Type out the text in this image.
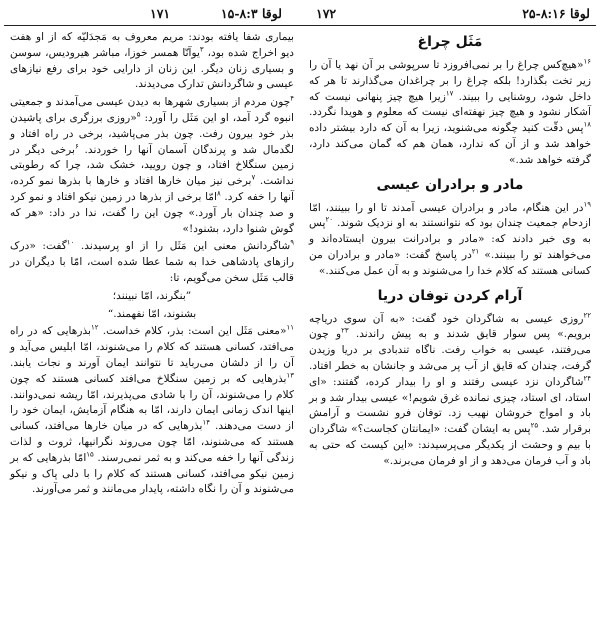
لوقا ۸:۱۶-۲۵
۱۷۲
لوقا ۸:۳-۱۵
۱۷۱
مَثَل چراغ

$^{۱۶}$«هیچ‌کس چراغ را بر نمی‌افروزد تا سرپوشی بر آن نهد یا آن را زیر تخت بگذارد! بلکه چراغ را بر چراغدان می‌گذارند تا هر که داخل شود، روشنایی را ببیند. $^{۱۷}$زیرا هیچ چیز پنهانی نیست که آشکار نشود و هیچ چیز نهفته‌ای نیست که معلوم و هویدا نگردد. $^{۱۸}$پس دقّت کنید چگونه می‌شنوید، زیرا به آن که دارد بیشتر داده خواهد شد و از آن که ندارد، همان هم که گمان می‌کند دارد، گرفته خواهد شد.»

مادر و برادران عیسی

$^{۱۹}$در این هنگام، مادر و برادران عیسی آمدند تا او را ببینند، امّا ازدحام جمعیت چندان بود که نتوانستند به او نزدیک شوند. $^{۲۰}$پس به وی خبر دادند که: «مادر و برادرانت بیرون ایستاده‌اند و می‌خواهند تو را ببینند.» $^{۲۱}$در پاسخ گفت: «مادر و برادران من کسانی هستند که کلام خدا را می‌شنوند و به آن عمل می‌کنند.»

آرام کردن توفان دریا

$^{۲۲}$روزی عیسی به شاگردان خود گفت: «به آن سوی دریاچه برویم.» پس سوار قایق شدند و به پیش راندند. $^{۲۳}$و چون می‌رفتند، عیسی به خواب رفت. ناگاه تندبادی بر دریا وزیدن گرفت، چندان که قایق از آب پر می‌شد و جانشان به خطر افتاد. $^{۲۴}$شاگردان نزد عیسی رفتند و او را بیدار کرده، گفتند: «ای استاد، ای استاد، چیزی نمانده غرق شویم!» عیسی بیدار شد و بر باد و امواج خروشان نهیب زد. توفان فرو نشست و آرامش برقرار شد. $^{۲۵}$پس به ایشان گفت: «ایمانتان کجاست؟» شاگردان با بیم و وحشت از یکدیگر می‌پرسیدند: «این کیست که حتی به باد و آب فرمان می‌دهد و از او فرمان می‌برند.»

بیماری شفا یافته بودند: مریم معروف به مَجدَلیّه که از او هفت دیو اخراج شده بود، $^۳$یوآنّا همسر خوزا، مباشر هیرودیس، سوسن و بسیاری زنان دیگر. این زنان از دارایی خود برای رفع نیازهای عیسی و شاگردانش تدارک می‌دیدند.

$^۴$چون مردم از بسیاری شهرها به دیدن عیسی می‌آمدند و جمعیتی انبوه گرد آمد، او این مَثَل را آورد: $^۵$«روزی برزگری برای پاشیدن بذر خود بیرون رفت. چون بذر می‌پاشید، برخی در راه افتاد و لگدمال شد و پرندگان آسمان آنها را خوردند. $^۶$برخی دیگر در زمین سنگلاخ افتاد، و چون رویید، خشک شد، چرا که رطوبتی نداشت. $^۷$برخی نیز میان خارها افتاد و خارها با بذرها نمو کرده، آنها را خفه کرد. $^۸$امّا برخی از بذرها در زمین نیکو افتاد و نمو کرد و صد چندان بار آورد.» چون این را گفت، ندا در داد: «هر که گوش شنوا دارد، بشنود!»

$^۹$شاگردانش معنی این مَثَل را از او پرسیدند. $^{۱۰}$گفت: «درک رازهای پادشاهی خدا به شما عطا شده است، امّا با دیگران در قالب مَثَل سخن می‌گویم، تا:

”بنگرند، امّا نبینند؛

بشنوند، امّا نفهمند.“

$^{۱۱}$«معنی مَثَل این است: بذر، کلام خداست. $^{۱۲}$بذرهایی که در راه می‌افتد، کسانی هستند که کلام را می‌شنوند، امّا ابلیس می‌آید و آن را از دلشان می‌رباید تا نتوانند ایمان آورند و نجات یابند. $^{۱۳}$بذرهایی که بر زمین سنگلاخ می‌افتد کسانی هستند که چون کلام را می‌شنوند، آن را با شادی می‌پذیرند، امّا ریشه نمی‌دوانند. اینها اندک زمانی ایمان دارند، امّا به هنگام آزمایش، ایمان خود را از دست می‌دهند. $^{۱۴}$بذرهایی که در میان خارها می‌افتد، کسانی هستند که می‌شنوند، امّا چون می‌روند نگرانیها، ثروت و لذات زندگی آنها را خفه می‌کند و به ثمر نمی‌رسند. $^{۱۵}$امّا بذرهایی که بر زمین نیکو می‌افتد، کسانی هستند که کلام را با دلی پاک و نیکو می‌شنوند و آن را نگاه داشته، پایدار می‌مانند و ثمر می‌آورند.
